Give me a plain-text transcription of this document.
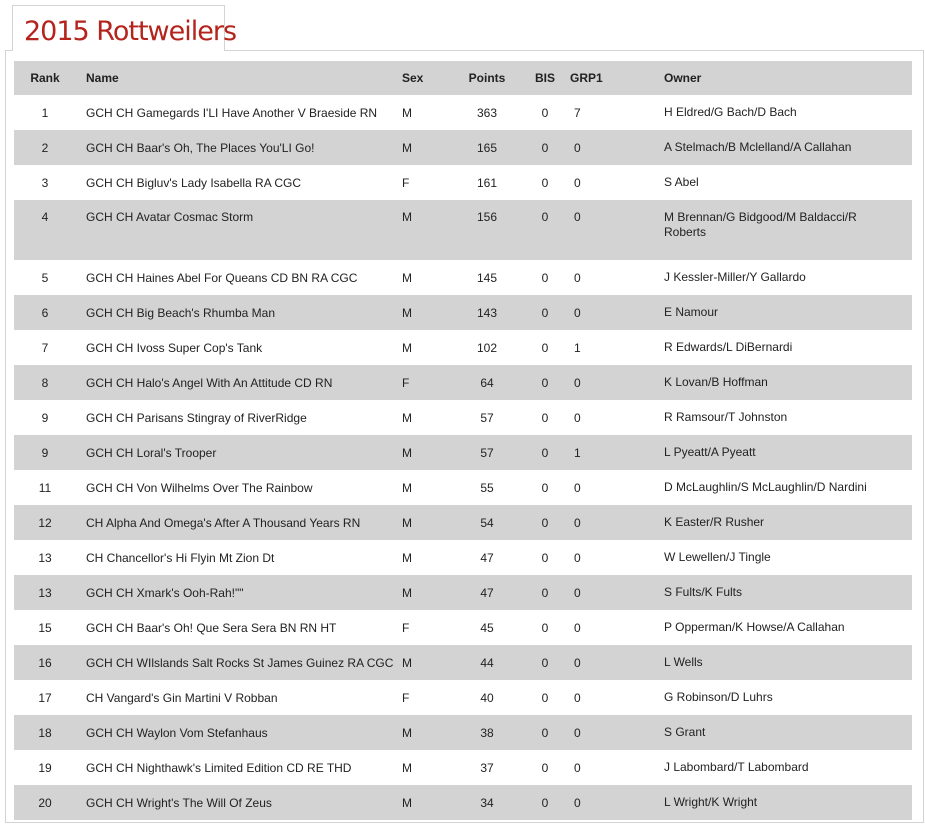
2015 Rottweilers
Rank	Name	Sex	Points	BIS	GRP1	Owner
1	GCH CH Gamegards I'LI Have Another V Braeside RN	M	363	0	7	H Eldred/G Bach/D Bach
2	GCH CH Baar's Oh, The Places You'LI Go!	M	165	0	0	A Stelmach/B Mclelland/A Callahan
3	GCH CH Bigluv's Lady Isabella RA CGC	F	161	0	0	S Abel
4	GCH CH Avatar Cosmac Storm	M	156	0	0	M Brennan/G Bidgood/M Baldacci/R Roberts
5	GCH CH Haines Abel For Queans CD BN RA CGC	M	145	0	0	J Kessler-Miller/Y Gallardo
6	GCH CH Big Beach's Rhumba Man	M	143	0	0	E Namour
7	GCH CH Ivoss Super Cop's Tank	M	102	0	1	R Edwards/L DiBernardi
8	GCH CH Halo's Angel With An Attitude CD RN	F	64	0	0	K Lovan/B Hoffman
9	GCH CH Parisans Stingray of RiverRidge	M	57	0	0	R Ramsour/T Johnston
9	GCH CH Loral's Trooper	M	57	0	1	L Pyeatt/A Pyeatt
11	GCH CH Von Wilhelms Over The Rainbow	M	55	0	0	D McLaughlin/S McLaughlin/D Nardini
12	CH Alpha And Omega's After A Thousand Years RN	M	54	0	0	K Easter/R Rusher
13	CH Chancellor's Hi Flyin Mt Zion Dt	M	47	0	0	W Lewellen/J Tingle
13	GCH CH Xmark's Ooh-Rah!""	M	47	0	0	S Fults/K Fults
15	GCH CH Baar's Oh! Que Sera Sera BN RN HT	F	45	0	0	P Opperman/K Howse/A Callahan
16	GCH CH WIlslands Salt Rocks St James Guinez RA CGC	M	44	0	0	L Wells
17	CH Vangard's Gin Martini V Robban	F	40	0	0	G Robinson/D Luhrs
18	GCH CH Waylon Vom Stefanhaus	M	38	0	0	S Grant
19	GCH CH Nighthawk's Limited Edition CD RE THD	M	37	0	0	J Labombard/T Labombard
20	GCH CH Wright's The Will Of Zeus	M	34	0	0	L Wright/K Wright
